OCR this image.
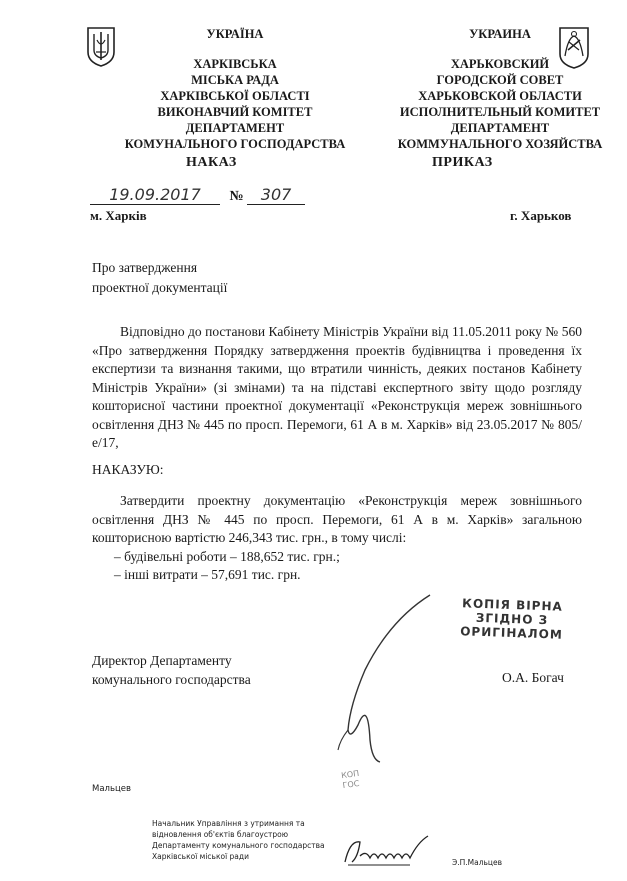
УКРАЇНА
ХАРКІВСЬКА
МІСЬКА РАДА
ХАРКІВСЬКОЇ ОБЛАСТІ
ВИКОНАВЧИЙ КОМІТЕТ
ДЕПАРТАМЕНТ
КОМУНАЛЬНОГО ГОСПОДАРСТВА
УКРАИНА
ХАРЬКОВСКИЙ
ГОРОДСКОЙ СОВЕТ
ХАРЬКОВСКОЙ ОБЛАСТИ
ИСПОЛНИТЕЛЬНЫЙ КОМИТЕТ
ДЕПАРТАМЕНТ
КОММУНАЛЬНОГО ХОЗЯЙСТВА
НАКАЗ	ПРИКАЗ
19.09.2017 № 307
м. Харків	г. Харьков
Про затвердження
проектної документації

Відповідно до постанови Кабінету Міністрів України від 11.05.2011 року № 560 «Про затвердження Порядку затвердження проектів будівництва і проведення їх експертизи та визнання такими, що втратили чинність, деяких постанов Кабінету Міністрів України» (зі змінами) та на підставі експертного звіту щодо розгляду кошторисної частини проектної документації «Реконструкція мереж зовнішнього освітлення ДНЗ № 445 по просп. Перемоги, 61 А в м. Харків» від 23.05.2017 № 805/е/17,

НАКАЗУЮ:

Затвердити проектну документацію «Реконструкція мереж зовнішнього освітлення ДНЗ № 445 по просп. Перемоги, 61 А в м. Харків» загальною кошторисною вартістю 246,343 тис. грн., в тому числі:

– будівельні роботи – 188,652 тис. грн.;
– інші витрати – 57,691 тис. грн.
КОПІЯ ВІРНА
ЗГІДНО З
ОРИГІНАЛОМ
Директор Департаменту
комунального господарства	О.А. Богач
КОП
ГОС
Мальцев
Начальник Управління з утримання та
відновлення об'єктів благоустрою
Департаменту комунального господарства
Харківської міської ради
Э.П.Мальцев
